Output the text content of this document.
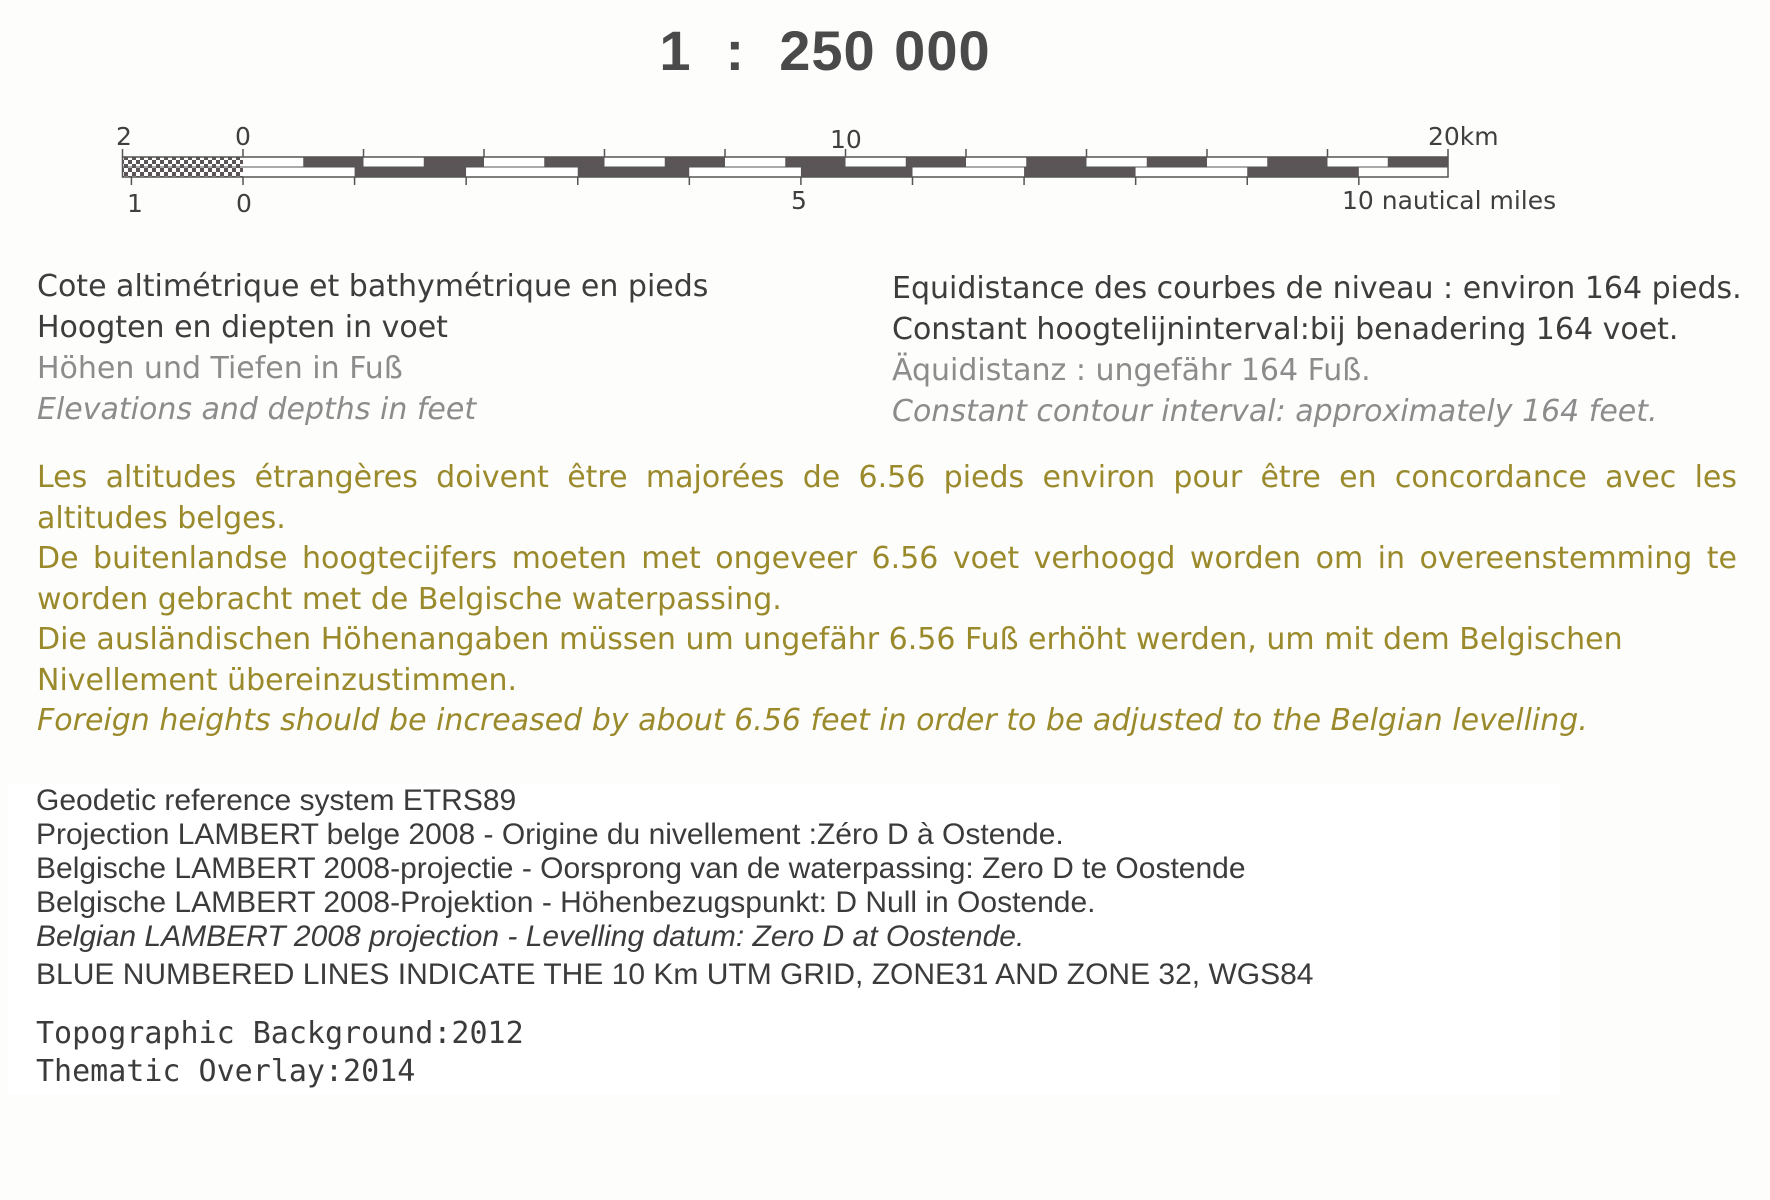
1 : 250 000
2	0	10	20km
1	0	5	10 nautical miles
Cote altimétrique et bathymétrique en pieds
Hoogten en diepten in voet
Höhen und Tiefen in Fuß
Elevations and depths in feet
Equidistance des courbes de niveau : environ 164 pieds.
Constant hoogtelijninterval:bij benadering 164 voet.
Äquidistanz : ungefähr 164 Fuß.
Constant contour interval: approximately 164 feet.
Les altitudes étrangères doivent être majorées de 6.56 pieds environ pour être en concordance avec les altitudes belges.
De buitenlandse hoogtecijfers moeten met ongeveer 6.56 voet verhoogd worden om in overeenstemming te worden gebracht met de Belgische waterpassing.
Die ausländischen Höhenangaben müssen um ungefähr 6.56 Fuß erhöht werden, um mit dem Belgischen
Nivellement übereinzustimmen.
Foreign heights should be increased by about 6.56 feet in order to be adjusted to the Belgian levelling.
Geodetic reference system ETRS89
Projection LAMBERT belge 2008 - Origine du nivellement :Zéro D à Ostende.
Belgische LAMBERT 2008-projectie - Oorsprong van de waterpassing: Zero D te Oostende
Belgische LAMBERT 2008-Projektion - Höhenbezugspunkt: D Null in Oostende.
Belgian LAMBERT 2008 projection - Levelling datum: Zero D at Oostende.
BLUE NUMBERED LINES INDICATE THE 10 Km UTM GRID, ZONE31 AND ZONE 32, WGS84
Topographic Background:2012
Thematic Overlay:2014
